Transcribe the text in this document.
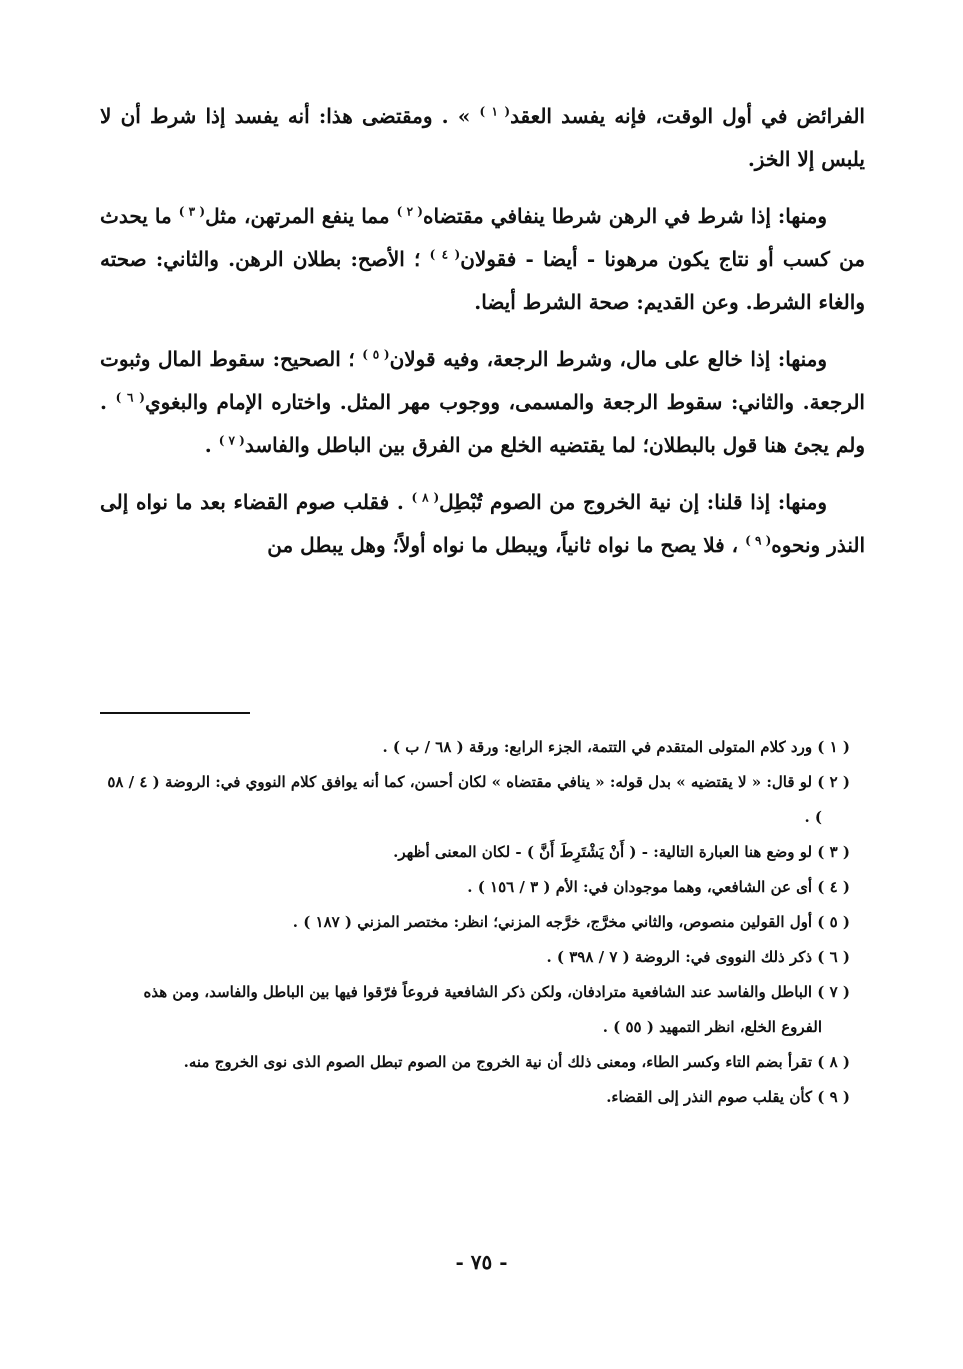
الفرائض في أول الوقت، فإنه يفسد العقد$^{( ١ )}$ » . ومقتضى هذا: أنه يفسد إذا شرط أن لا يلبس إلا الخز.

ومنها: إذا شرط في الرهن شرطا ينفافي مقتضاه$^{( ٢ )}$ مما ينفع المرتهن، مثل$^{( ٣ )}$ ما يحدث من كسب أو نتاج يكون مرهونا - أيضا - فقولان$^{( ٤ )}$ ؛ الأصح: بطلان الرهن. والثاني: صحته والغاء الشرط. وعن القديم: صحة الشرط أيضا.

ومنها: إذا خالع على مال، وشرط الرجعة، وفيه قولان$^{( ٥ )}$ ؛ الصحيح: سقوط المال وثبوت الرجعة. والثاني: سقوط الرجعة والمسمى، ووجوب مهر المثل. واختاره الإمام والبغوي$^{( ٦ )}$ . ولم يجئ هنا قول بالبطلان؛ لما يقتضيه الخلع من الفرق بين الباطل والفاسد$^{( ٧ )}$ .

ومنها: إذا قلنا: إن نية الخروج من الصوم تُبْطِل$^{( ٨ )}$ . فقلب صوم القضاء بعد ما نواه إلى النذر ونحوه$^{( ٩ )}$ ، فلا يصح ما نواه ثانياً، ويبطل ما نواه أولاً؛ وهل يبطل من

( ١ ) ورد كلام المتولى المتقدم في التتمة، الجزء الرابع: ورقة ( ٦٨ / ب ) .

( ٢ ) لو قال: « لا يقتضيه » بدل قوله: « ينافي مقتضاه » لكان أحسن، كما أنه يوافق كلام النووي في: الروضة ( ٤ / ٥٨ ) .

( ٣ ) لو وضع هنا العبارة التالية: - ( أَنْ يَشْتَرِطَ أَنَّ ) - لكان المعنى أظهر.

( ٤ ) أى عن الشافعي، وهما موجودان في: الأم ( ٣ / ١٥٦ ) .

( ٥ ) أول القولين منصوص، والثاني مخرَّج، خرَّجه المزني؛ انظر: مختصر المزني ( ١٨٧ ) .

( ٦ ) ذكر ذلك النووى في: الروضة ( ٧ / ٣٩٨ ) .

( ٧ ) الباطل والفاسد عند الشافعية مترادفان، ولكن ذكر الشافعية فروعاً فرّقوا فيها بين الباطل والفاسد، ومن هذه الفروع الخلع، انظر التمهيد ( ٥٥ ) .

( ٨ ) تقرأ بضم التاء وكسر الطاء، ومعنى ذلك أن نية الخروج من الصوم تبطل الصوم الذى نوى الخروج منه.

( ٩ ) كأن يقلب صوم النذر إلى القضاء.

- ٧٥ -
